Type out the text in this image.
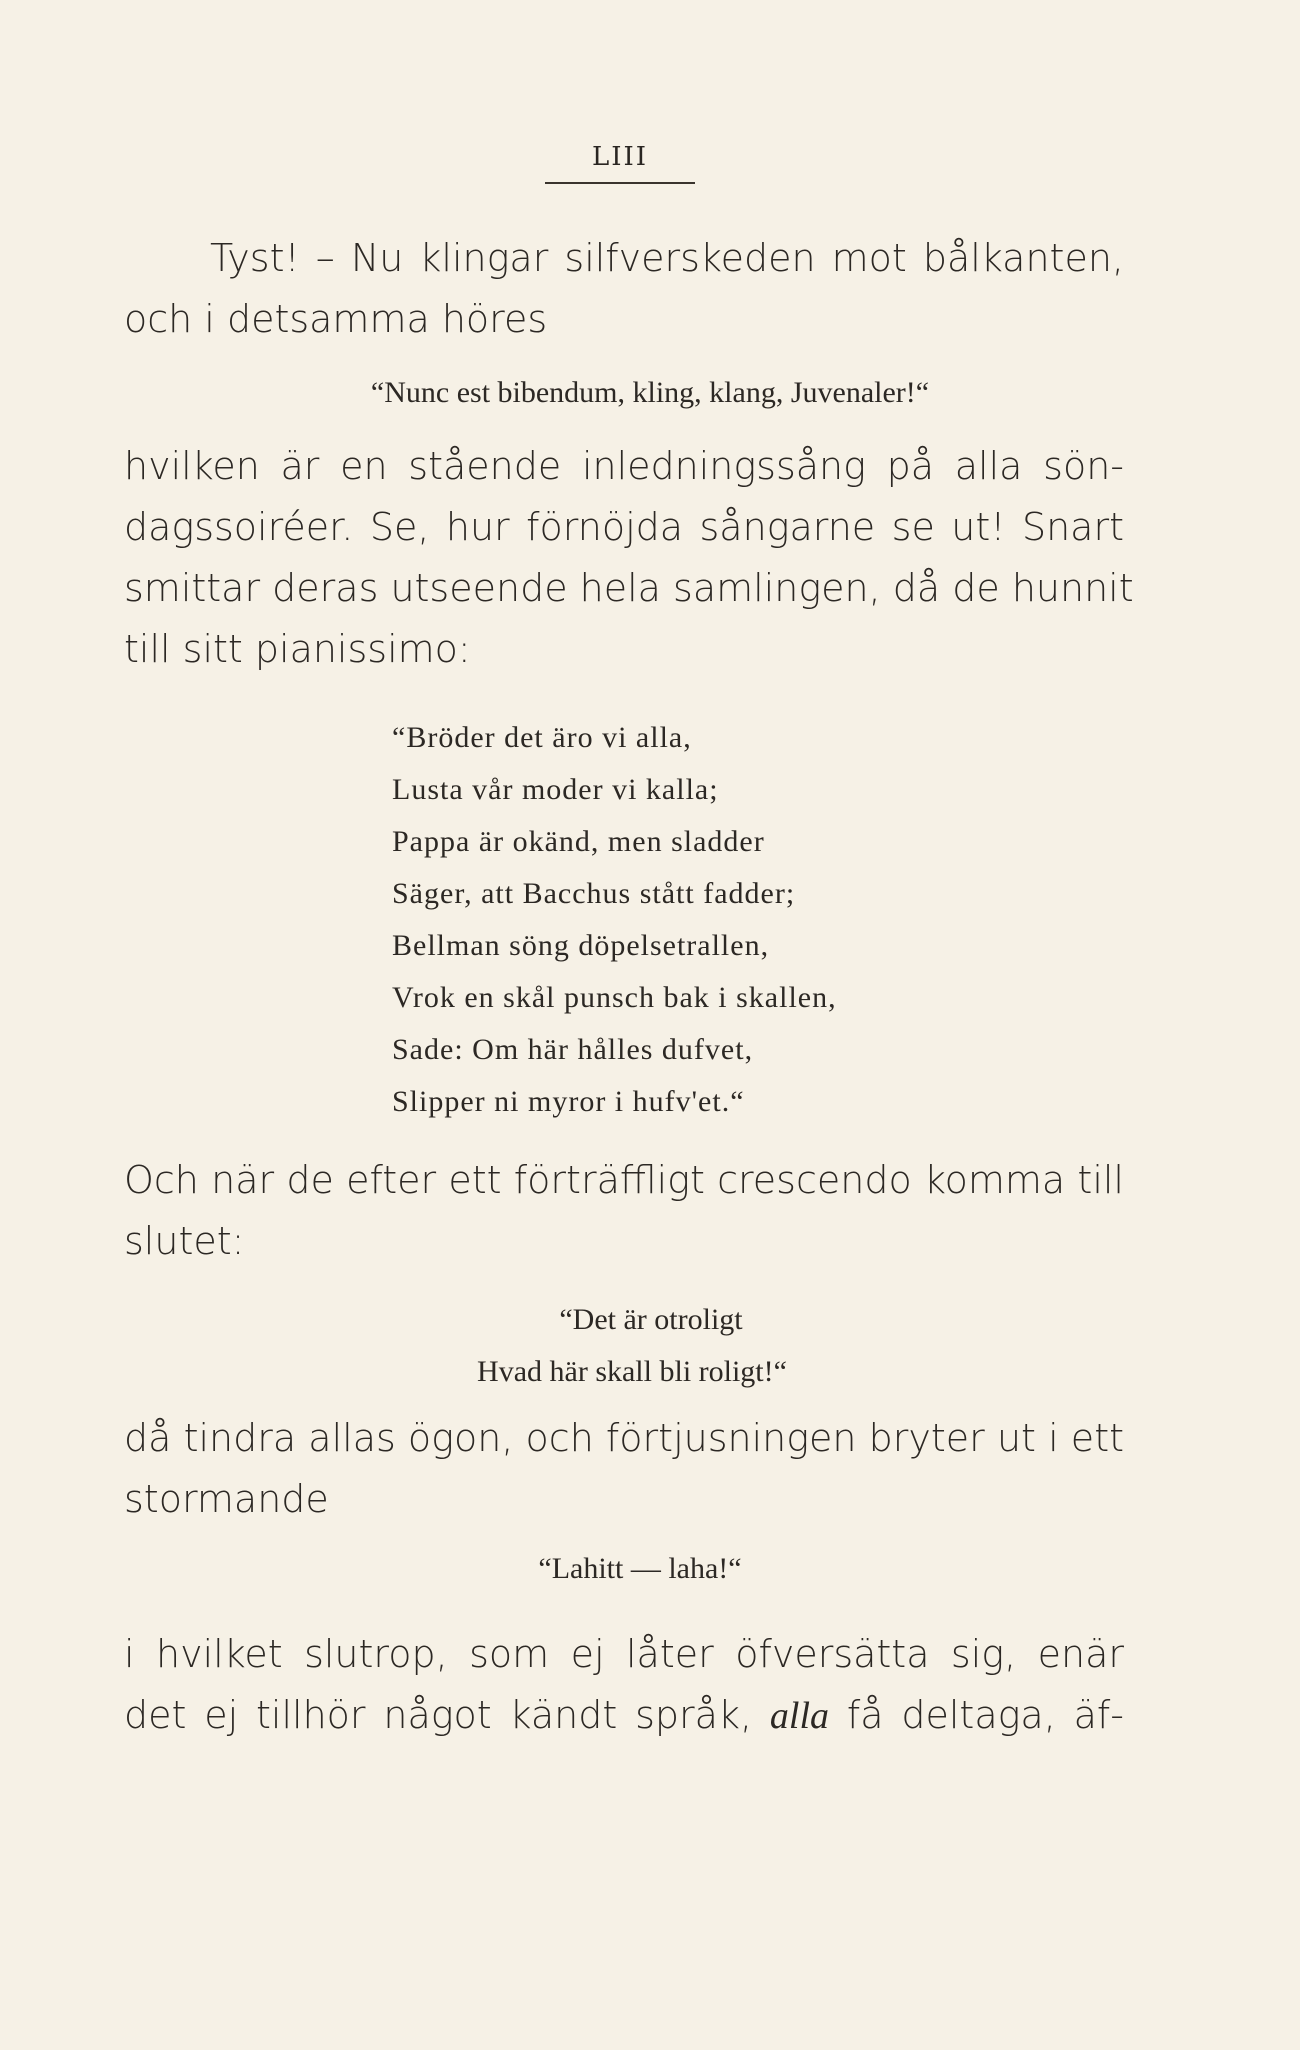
LIII
Tyst! – Nu klingar silfverskeden mot bålkanten,
och i detsamma höres
“Nunc est bibendum, kling, klang, Juvenaler!“
hvilken är en stående inledningssång på alla sön-
dagssoiréer. Se, hur förnöjda sångarne se ut! Snart
smittar deras utseende hela samlingen, då de hunnit
till sitt pianissimo:
“Bröder det äro vi alla,
Lusta vår moder vi kalla;
Pappa är okänd, men sladder
Säger, att Bacchus stått fadder;
Bellman söng döpelsetrallen,
Vrok en skål punsch bak i skallen,
Sade: Om här hålles dufvet,
Slipper ni myror i hufv'et.“
Och när de efter ett förträffligt crescendo komma till
slutet:
“Det är otroligt
Hvad här skall bli roligt!“
då tindra allas ögon, och förtjusningen bryter ut i ett
stormande
“Lahitt — laha!“
i hvilket slutrop, som ej låter öfversätta sig, enär
det ej tillhör något kändt språk, alla få deltaga, äf-
